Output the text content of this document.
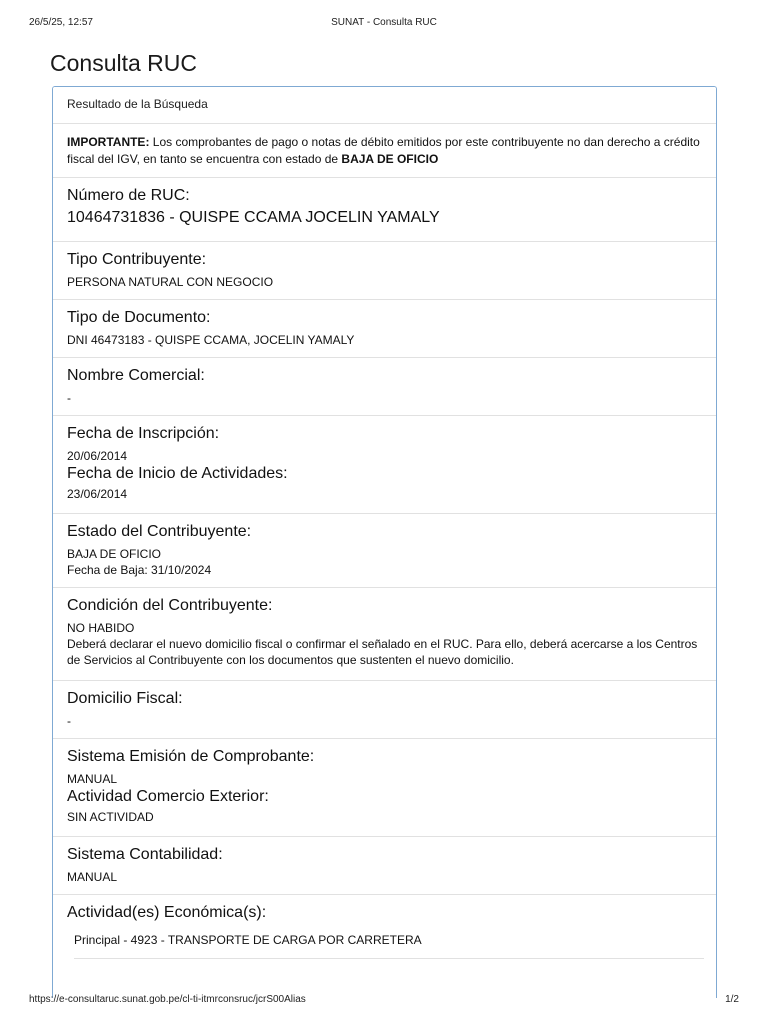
26/5/25, 12:57	SUNAT - Consulta RUC
Consulta RUC
Resultado de la Búsqueda
IMPORTANTE: Los comprobantes de pago o notas de débito emitidos por este contribuyente no dan derecho a crédito fiscal del IGV, en tanto se encuentra con estado de BAJA DE OFICIO
Número de RUC:
10464731836 - QUISPE CCAMA JOCELIN YAMALY
Tipo Contribuyente:
PERSONA NATURAL CON NEGOCIO
Tipo de Documento:
DNI 46473183 - QUISPE CCAMA, JOCELIN YAMALY
Nombre Comercial:
-
Fecha de Inscripción:
20/06/2014
Fecha de Inicio de Actividades:
23/06/2014
Estado del Contribuyente:
BAJA DE OFICIO
Fecha de Baja: 31/10/2024
Condición del Contribuyente:
NO HABIDO
Deberá declarar el nuevo domicilio fiscal o confirmar el señalado en el RUC. Para ello, deberá acercarse a los Centros de Servicios al Contribuyente con los documentos que sustenten el nuevo domicilio.
Domicilio Fiscal:
-
Sistema Emisión de Comprobante:
MANUAL
Actividad Comercio Exterior:
SIN ACTIVIDAD
Sistema Contabilidad:
MANUAL
Actividad(es) Económica(s):
Principal - 4923 - TRANSPORTE DE CARGA POR CARRETERA
https://e-consultaruc.sunat.gob.pe/cl-ti-itmrconsruc/jcrS00Alias	1/2
